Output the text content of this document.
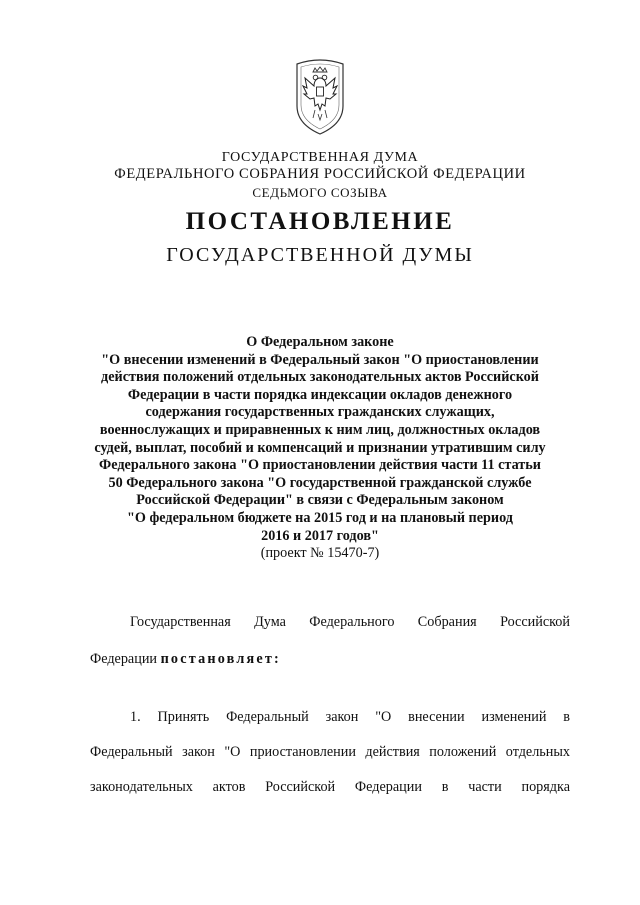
ГОСУДАРСТВЕННАЯ ДУМА
ФЕДЕРАЛЬНОГО СОБРАНИЯ РОССИЙСКОЙ ФЕДЕРАЦИИ
СЕДЬМОГО СОЗЫВА
ПОСТАНОВЛЕНИЕ
ГОСУДАРСТВЕННОЙ ДУМЫ
О Федеральном законе
"О внесении изменений в Федеральный закон "О приостановлении
действия положений отдельных законодательных актов Российской
Федерации в части порядка индексации окладов денежного
содержания государственных гражданских служащих,
военнослужащих и приравненных к ним лиц, должностных окладов
судей, выплат, пособий и компенсаций и признании утратившим силу
Федерального закона "О приостановлении действия части 11 статьи
50 Федерального закона "О государственной гражданской службе
Российской Федерации" в связи с Федеральным законом
"О федеральном бюджете на 2015 год и на плановый период
2016 и 2017 годов"
(проект № 15470-7)
Государственная Дума Федерального Собрания Российской
Федерации постановляет:
1. Принять Федеральный закон "О внесении изменений в
Федеральный закон "О приостановлении действия положений отдельных
законодательных актов Российской Федерации в части порядка
